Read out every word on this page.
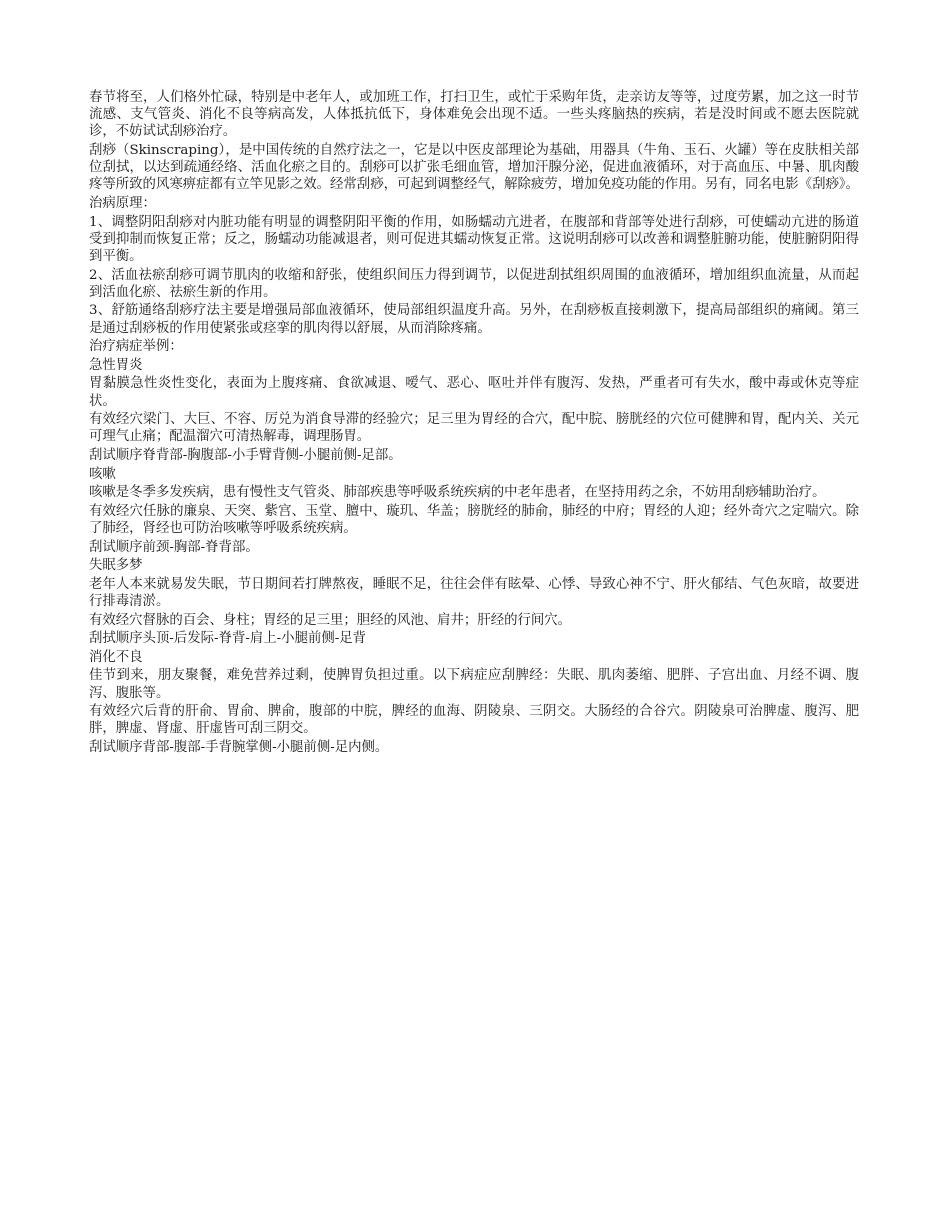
春节将至，人们格外忙碌，特别是中老年人，或加班工作，打扫卫生，或忙于采购年货，走亲访友等等，过度劳累，加之这一时节流感、支气管炎、消化不良等病高发，人体抵抗低下，身体难免会出现不适。一些头疼脑热的疾病，若是没时间或不愿去医院就诊，不妨试试刮痧治疗。

刮痧（Skinscraping），是中国传统的自然疗法之一，它是以中医皮部理论为基础，用器具（牛角、玉石、火罐）等在皮肤相关部位刮拭，以达到疏通经络、活血化瘀之目的。刮痧可以扩张毛细血管，增加汗腺分泌，促进血液循环，对于高血压、中暑、肌肉酸疼等所致的风寒痹症都有立竿见影之效。经常刮痧，可起到调整经气，解除疲劳，增加免疫功能的作用。另有，同名电影《刮痧》。

治病原理：

1、调整阴阳刮痧对内脏功能有明显的调整阴阳平衡的作用，如肠蠕动亢进者，在腹部和背部等处进行刮痧，可使蠕动亢进的肠道受到抑制而恢复正常；反之，肠蠕动功能减退者，则可促进其蠕动恢复正常。这说明刮痧可以改善和调整脏腑功能，使脏腑阴阳得到平衡。

2、活血祛瘀刮痧可调节肌肉的收缩和舒张，使组织间压力得到调节，以促进刮拭组织周围的血液循环，增加组织血流量，从而起到活血化瘀、祛瘀生新的作用。

3、舒筋通络刮痧疗法主要是增强局部血液循环，使局部组织温度升高。另外，在刮痧板直接刺激下，提高局部组织的痛阈。第三是通过刮痧板的作用使紧张或痉挛的肌肉得以舒展，从而消除疼痛。

治疗病症举例：

急性胃炎

胃黏膜急性炎性变化，表面为上腹疼痛、食欲减退、嗳气、恶心、呕吐并伴有腹泻、发热，严重者可有失水，酸中毒或休克等症状。

有效经穴梁门、大巨、不容、厉兑为消食导滞的经验穴；足三里为胃经的合穴，配中脘、膀胱经的穴位可健脾和胃，配内关、关元可理气止痛；配温溜穴可清热解毒，调理肠胃。

刮试顺序脊背部-胸腹部-小手臂背侧-小腿前侧-足部。

咳嗽

咳嗽是冬季多发疾病，患有慢性支气管炎、肺部疾患等呼吸系统疾病的中老年患者，在坚持用药之余，不妨用刮痧辅助治疗。

有效经穴任脉的廉泉、天突、紫宫、玉堂、膻中、璇玑、华盖；膀胱经的肺俞，肺经的中府；胃经的人迎；经外奇穴之定喘穴。除了肺经，肾经也可防治咳嗽等呼吸系统疾病。

刮试顺序前颈-胸部-脊背部。

失眠多梦

老年人本来就易发失眠，节日期间若打牌熬夜，睡眠不足，往往会伴有眩晕、心悸、导致心神不宁、肝火郁结、气色灰暗，故要进行排毒清淤。

有效经穴督脉的百会、身柱；胃经的足三里；胆经的风池、肩井；肝经的行间穴。

刮拭顺序头顶-后发际-脊背-肩上-小腿前侧-足背

消化不良

佳节到来，朋友聚餐，难免营养过剩，使脾胃负担过重。以下病症应刮脾经：失眠、肌肉萎缩、肥胖、子宫出血、月经不调、腹泻、腹胀等。

有效经穴后背的肝俞、胃俞、脾俞，腹部的中脘，脾经的血海、阴陵泉、三阴交。大肠经的合谷穴。阴陵泉可治脾虚、腹泻、肥胖，脾虚、肾虚、肝虚皆可刮三阴交。

刮试顺序背部-腹部-手背腕掌侧-小腿前侧-足内侧。
